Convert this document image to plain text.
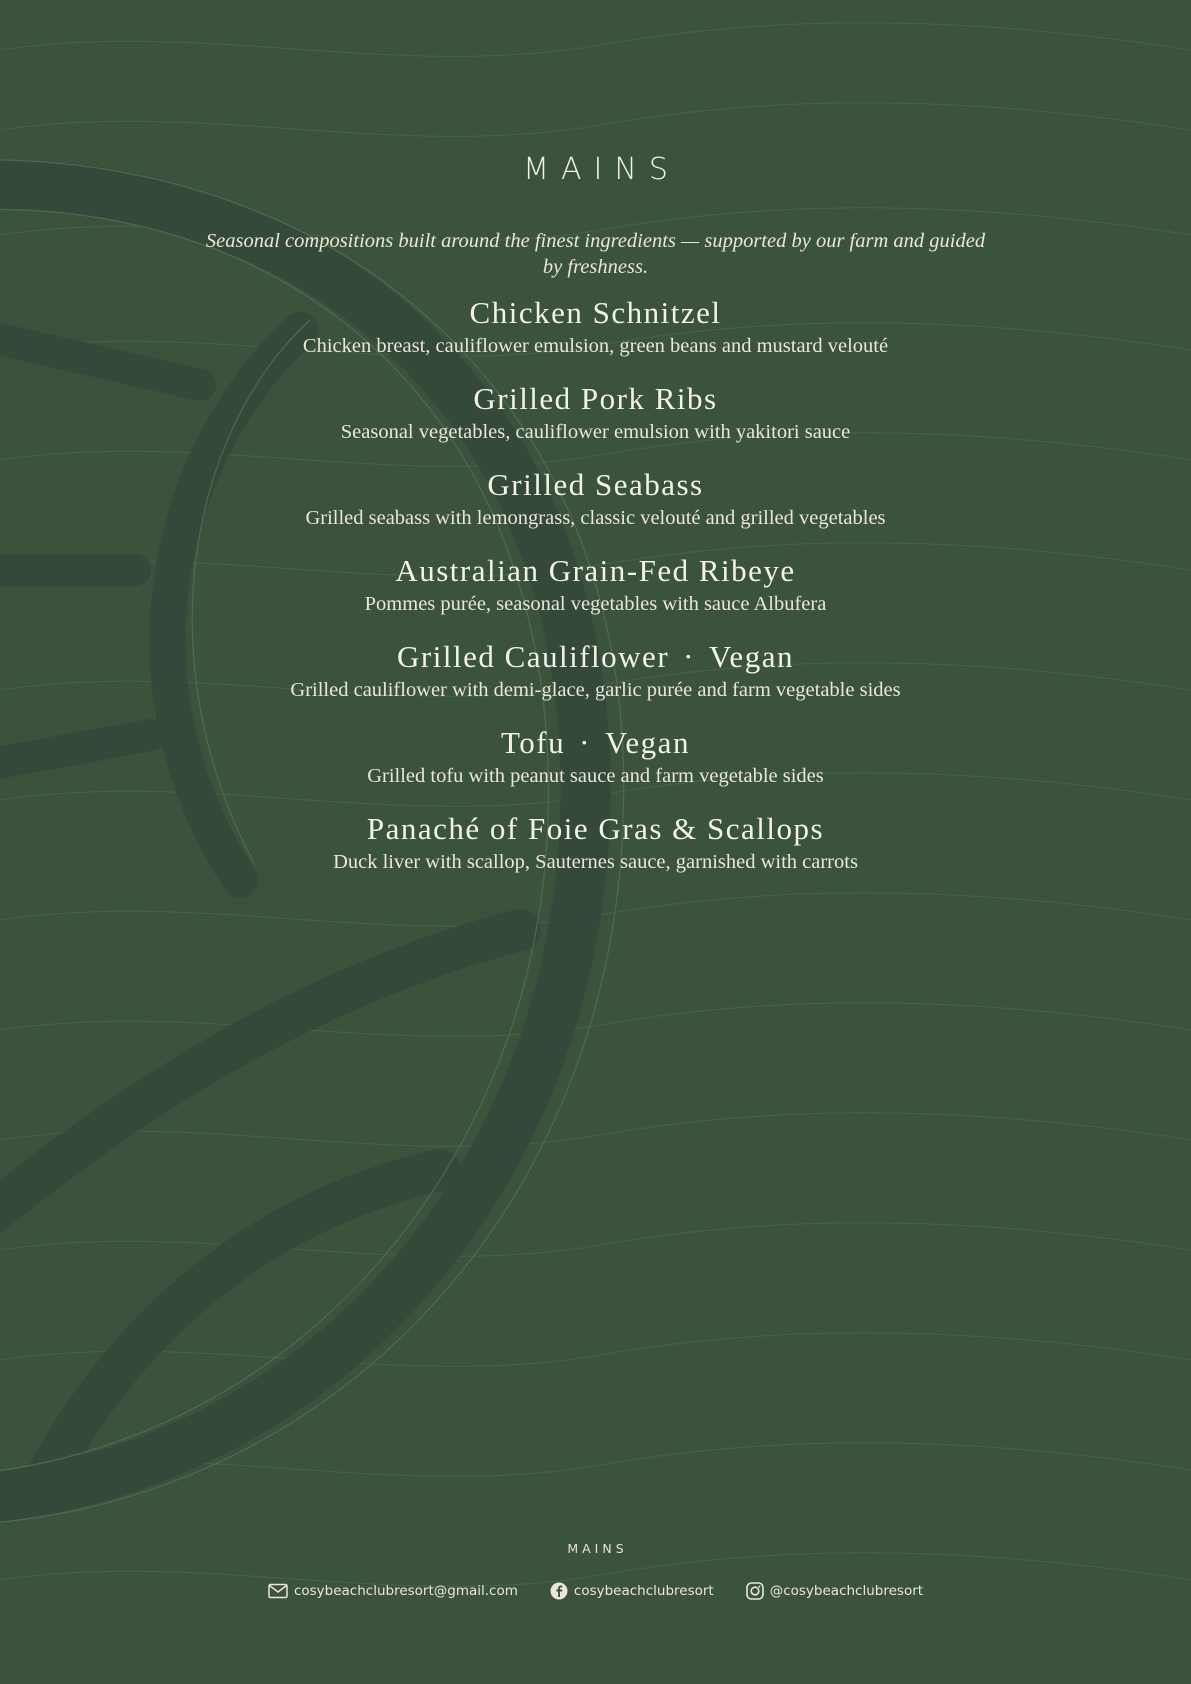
MAINS
Seasonal compositions built around the finest ingredients — supported by our farm and guided by freshness.
Chicken Schnitzel
Chicken breast, cauliflower emulsion, green beans and mustard velouté
Grilled Pork Ribs
Seasonal vegetables, cauliflower emulsion with yakitori sauce
Grilled Seabass
Grilled seabass with lemongrass, classic velouté and grilled vegetables
Australian Grain-Fed Ribeye
Pommes purée, seasonal vegetables with sauce Albufera
Grilled Cauliflower · Vegan
Grilled cauliflower with demi-glace, garlic purée and farm vegetable sides
Tofu · Vegan
Grilled tofu with peanut sauce and farm vegetable sides
Panaché of Foie Gras & Scallops
Duck liver with scallop, Sauternes sauce, garnished with carrots
MAINS
cosybeachclubresort@gmail.com	cosybeachclubresort	@cosybeachclubresort
